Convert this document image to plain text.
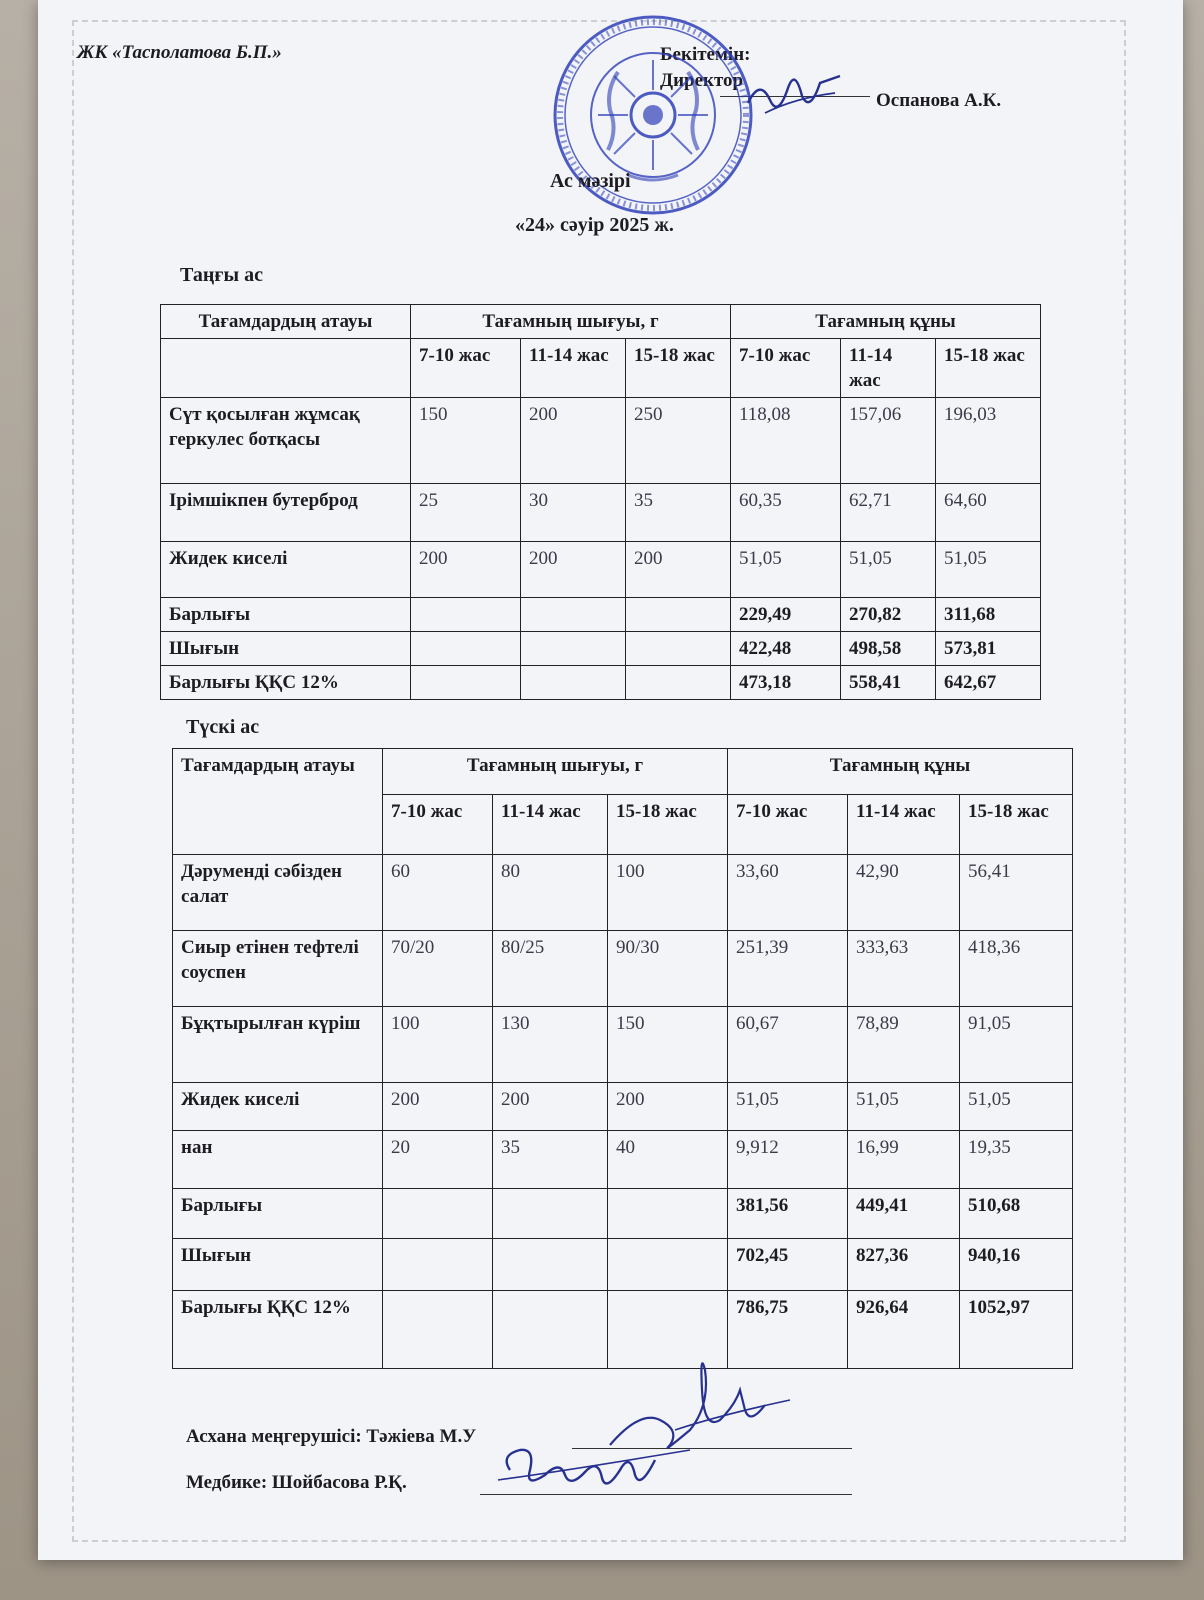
ЖК «Тасполатова Б.П.»	Бекітемін:
Директор
Оспанова А.К.
Ас мәзірі
«24» сәуір 2025 ж.
Таңғы ас
Тағамдардың атауы	Тағамның шығуы, г			Тағамның құны		
	7-10 жас	11-14 жас	15-18 жас	7-10 жас	11-14 жас	15-18 жас
Сүт қосылған жұмсақ геркулес ботқасы	150	200	250	118,08	157,06	196,03
Ірімшікпен бутерброд	25	30	35	60,35	62,71	64,60
Жидек киселі	200	200	200	51,05	51,05	51,05
Барлығы				229,49	270,82	311,68
Шығын				422,48	498,58	573,81
Барлығы ҚҚС 12%				473,18	558,41	642,67
Түскі ас
Тағамдардың атауы	Тағамның шығуы, г			Тағамның құны		
	7-10 жас	11-14 жас	15-18 жас	7-10 жас	11-14 жас	15-18 жас
Дәруменді сәбізден салат	60	80	100	33,60	42,90	56,41
Сиыр етінен тефтелі соуспен	70/20	80/25	90/30	251,39	333,63	418,36
Бұқтырылған күріш	100	130	150	60,67	78,89	91,05
Жидек киселі	200	200	200	51,05	51,05	51,05
нан	20	35	40	9,912	16,99	19,35
Барлығы				381,56	449,41	510,68
Шығын				702,45	827,36	940,16
Барлығы ҚҚС 12%				786,75	926,64	1052,97
Асхана меңгерушісі: Тәжіева М.У
Медбике: Шойбасова Р.Қ.
